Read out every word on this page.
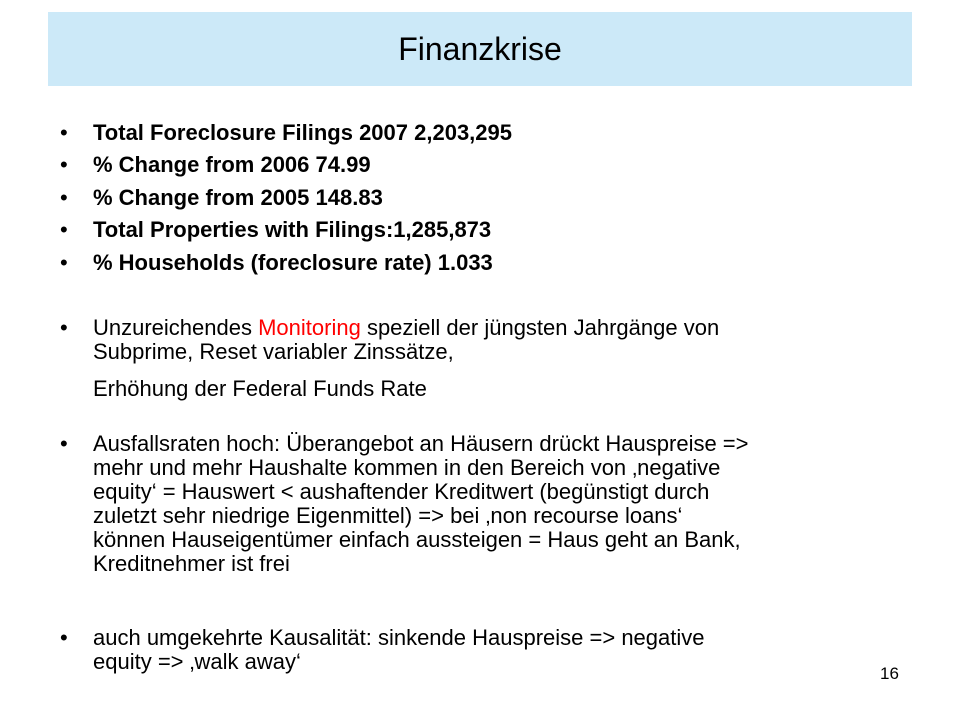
Finanzkrise
• Total Foreclosure Filings 2007 2,203,295
• % Change from 2006 74.99
• % Change from 2005 148.83
• Total Properties with Filings:1,285,873
• % Households (foreclosure rate) 1.033
• Unzureichendes Monitoring speziell der jüngsten Jahrgänge von
Subprime, Reset variabler Zinssätze,
Erhöhung der Federal Funds Rate
• Ausfallsraten hoch: Überangebot an Häusern drückt Hauspreise =>
mehr und mehr Haushalte kommen in den Bereich von ‚negative
equity‘ = Hauswert < aushaftender Kreditwert (begünstigt durch
zuletzt sehr niedrige Eigenmittel) => bei ‚non recourse loans‘
können Hauseigentümer einfach aussteigen = Haus geht an Bank,
Kreditnehmer ist frei
• auch umgekehrte Kausalität: sinkende Hauspreise => negative
equity => ‚walk away‘	16
